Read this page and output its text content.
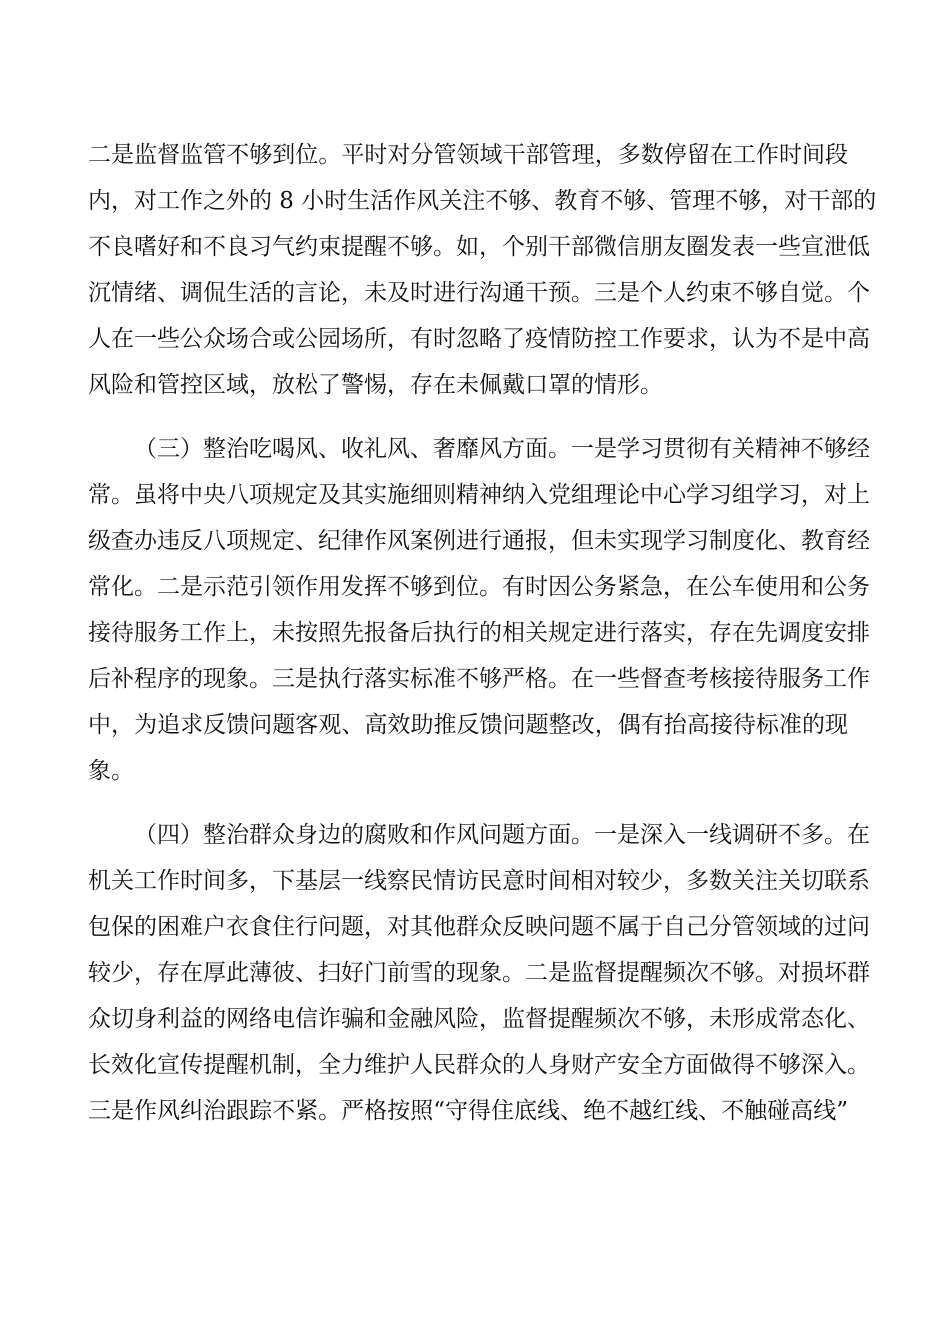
二是监督监管不够到位。平时对分管领域干部管理，多数停留在工作时间段
内，对工作之外的 8 小时生活作风关注不够、教育不够、管理不够，对干部的
不良嗜好和不良习气约束提醒不够。如，个别干部微信朋友圈发表一些宣泄低
沉情绪、调侃生活的言论，未及时进行沟通干预。三是个人约束不够自觉。个
人在一些公众场合或公园场所，有时忽略了疫情防控工作要求，认为不是中高
风险和管控区域，放松了警惕，存在未佩戴口罩的情形。
（三）整治吃喝风、收礼风、奢靡风方面。一是学习贯彻有关精神不够经
常。虽将中央八项规定及其实施细则精神纳入党组理论中心学习组学习，对上
级查办违反八项规定、纪律作风案例进行通报，但未实现学习制度化、教育经
常化。二是示范引领作用发挥不够到位。有时因公务紧急，在公车使用和公务
接待服务工作上，未按照先报备后执行的相关规定进行落实，存在先调度安排
后补程序的现象。三是执行落实标准不够严格。在一些督查考核接待服务工作
中，为追求反馈问题客观、高效助推反馈问题整改，偶有抬高接待标准的现
象。
（四）整治群众身边的腐败和作风问题方面。一是深入一线调研不多。在
机关工作时间多，下基层一线察民情访民意时间相对较少，多数关注关切联系
包保的困难户衣食住行问题，对其他群众反映问题不属于自己分管领域的过问
较少，存在厚此薄彼、扫好门前雪的现象。二是监督提醒频次不够。对损坏群
众切身利益的网络电信诈骗和金融风险，监督提醒频次不够，未形成常态化、
长效化宣传提醒机制，全力维护人民群众的人身财产安全方面做得不够深入。
三是作风纠治跟踪不紧。严格按照“守得住底线、绝不越红线、不触碰高线”
